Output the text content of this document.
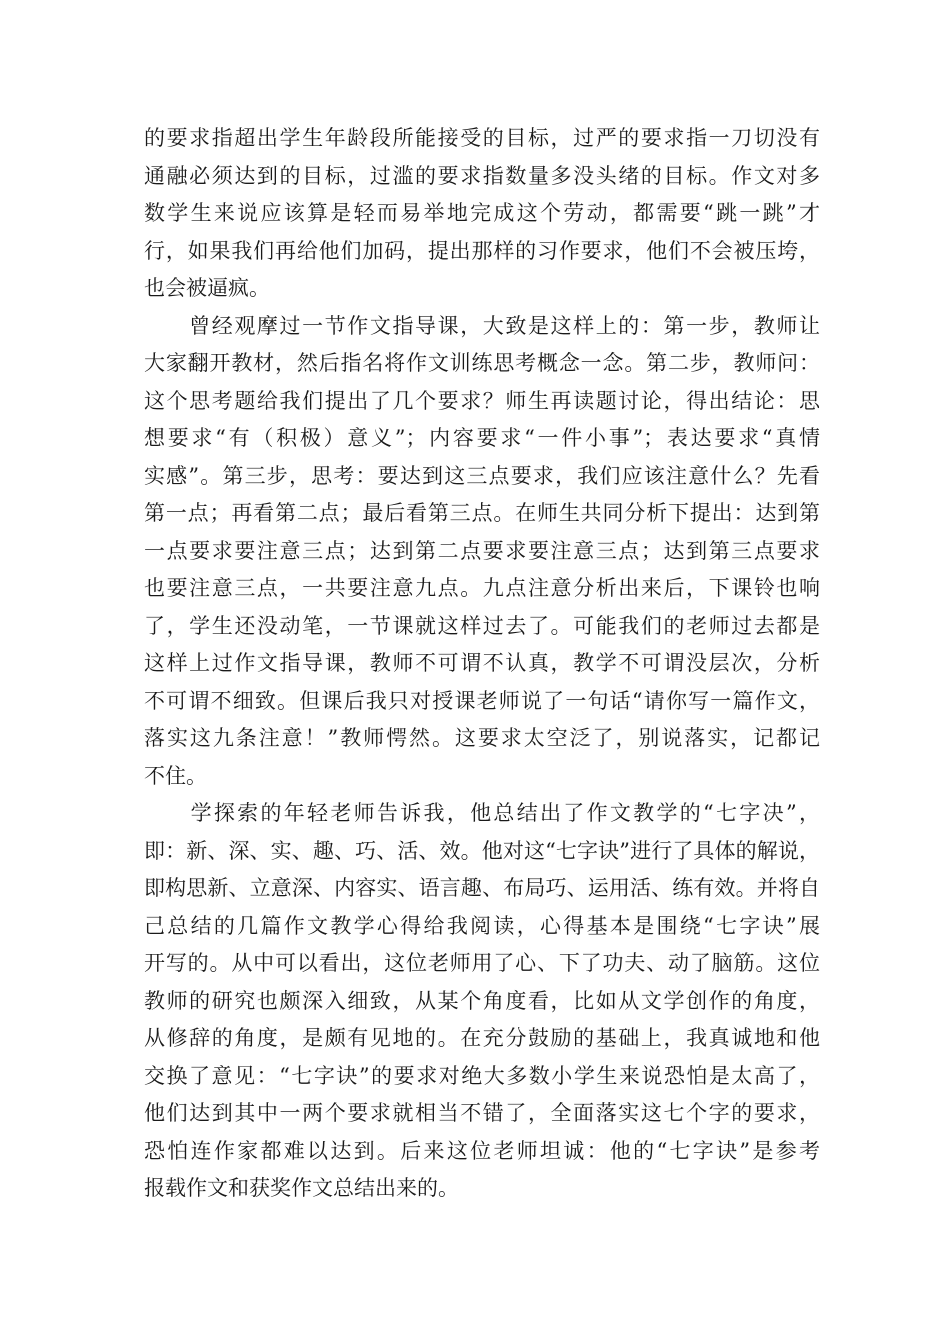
的要求指超出学生年龄段所能接受的目标，过严的要求指一刀切没有
通融必须达到的目标，过滥的要求指数量多没头绪的目标。作文对多
数学生来说应该算是轻而易举地完成这个劳动，都需要“跳一跳”才
行，如果我们再给他们加码，提出那样的习作要求，他们不会被压垮，
也会被逼疯。
　　曾经观摩过一节作文指导课，大致是这样上的：第一步，教师让
大家翻开教材，然后指名将作文训练思考概念一念。第二步，教师问：
这个思考题给我们提出了几个要求？师生再读题讨论，得出结论：思
想要求“有（积极）意义”；内容要求“一件小事”；表达要求“真情
实感”。第三步，思考：要达到这三点要求，我们应该注意什么？先看
第一点；再看第二点；最后看第三点。在师生共同分析下提出：达到第
一点要求要注意三点；达到第二点要求要注意三点；达到第三点要求
也要注意三点，一共要注意九点。九点注意分析出来后，下课铃也响
了，学生还没动笔，一节课就这样过去了。可能我们的老师过去都是
这样上过作文指导课，教师不可谓不认真，教学不可谓没层次，分析
不可谓不细致。但课后我只对授课老师说了一句话“请你写一篇作文，
落实这九条注意！”教师愕然。这要求太空泛了，别说落实，记都记
不住。
　　学探索的年轻老师告诉我，他总结出了作文教学的“七字决”，
即：新、深、实、趣、巧、活、效。他对这“七字诀”进行了具体的解说，
即构思新、立意深、内容实、语言趣、布局巧、运用活、练有效。并将自
己总结的几篇作文教学心得给我阅读，心得基本是围绕“七字诀”展
开写的。从中可以看出，这位老师用了心、下了功夫、动了脑筋。这位
教师的研究也颇深入细致，从某个角度看，比如从文学创作的角度，
从修辞的角度，是颇有见地的。在充分鼓励的基础上，我真诚地和他
交换了意见：“七字诀”的要求对绝大多数小学生来说恐怕是太高了，
他们达到其中一两个要求就相当不错了，全面落实这七个字的要求，
恐怕连作家都难以达到。后来这位老师坦诚：他的“七字诀”是参考
报载作文和获奖作文总结出来的。
